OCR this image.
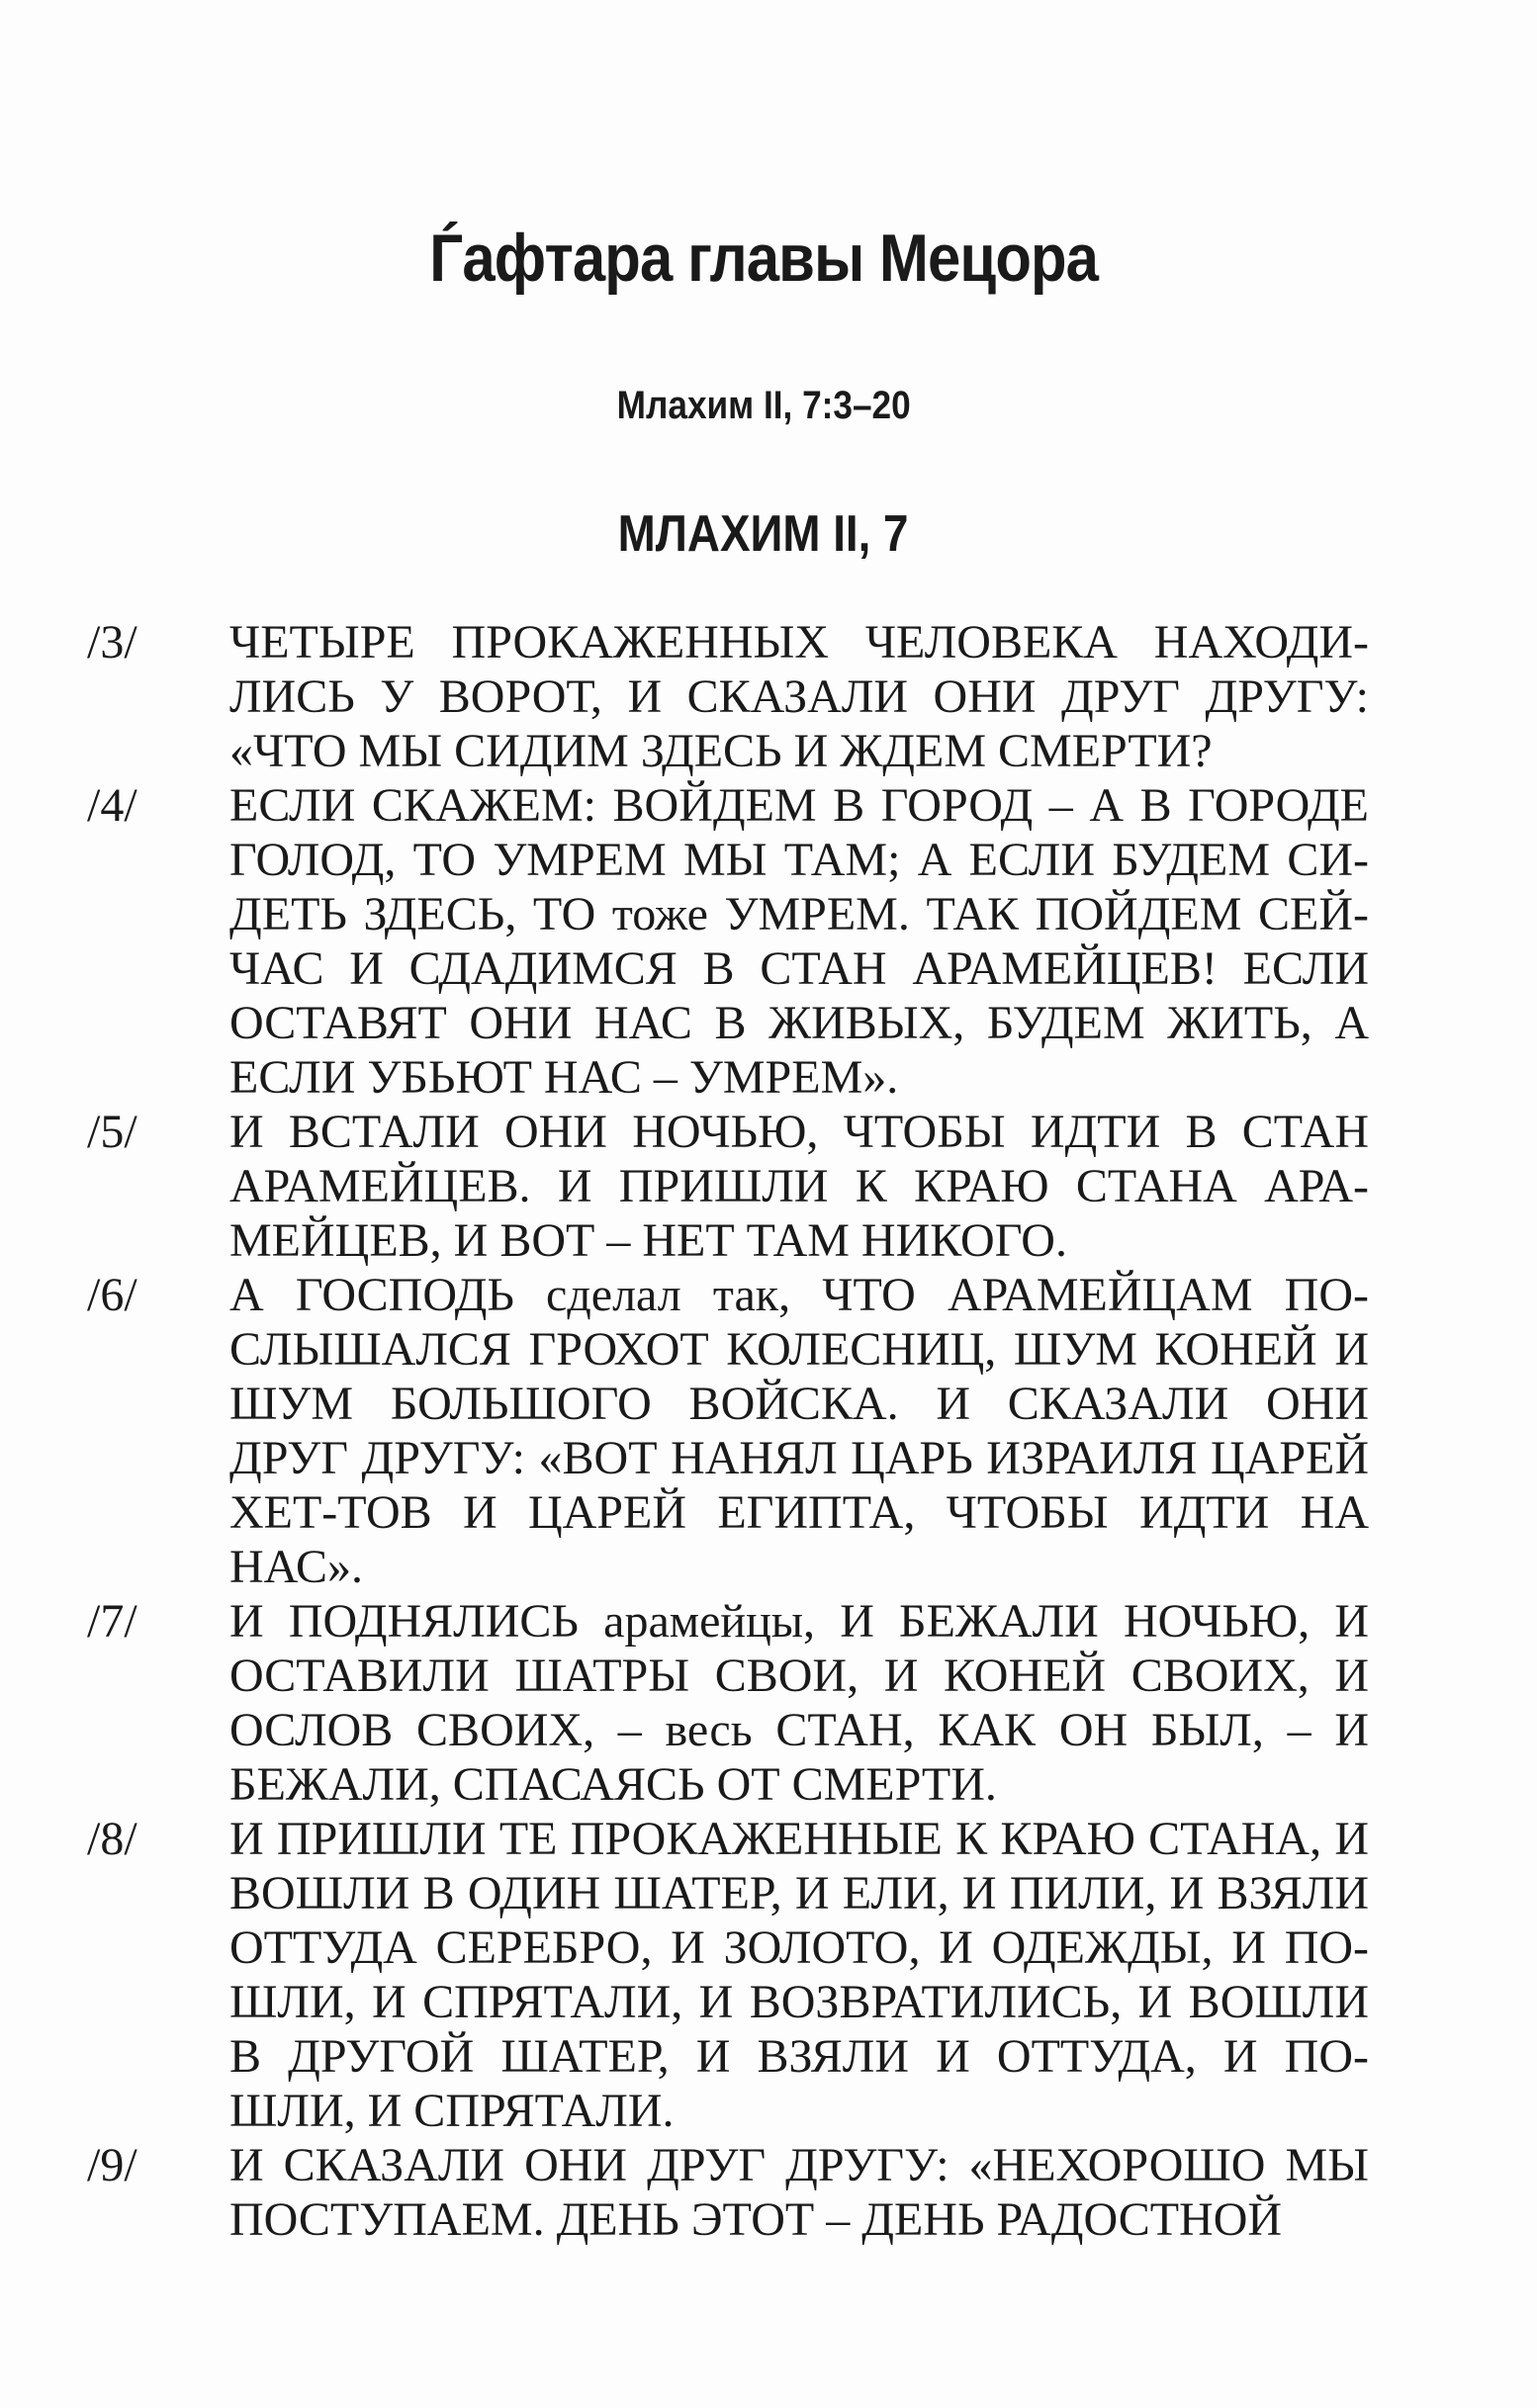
Ѓафтара главы Мецора
Млахим II, 7:3–20
МЛАХИМ II, 7
/3/ ЧЕТЫРЕ ПРОКАЖЕННЫХ ЧЕЛОВЕКА НАХОДИ-ЛИСЬ У ВОРОТ, И СКАЗАЛИ ОНИ ДРУГ ДРУГУ: «ЧТО МЫ СИДИМ ЗДЕСЬ И ЖДЕМ СМЕРТИ?

/4/ ЕСЛИ СКАЖЕМ: ВОЙДЕМ В ГОРОД – А В ГОРОДЕ ГОЛОД, ТО УМРЕМ МЫ ТАМ; А ЕСЛИ БУДЕМ СИ-ДЕТЬ ЗДЕСЬ, ТО тоже УМРЕМ. ТАК ПОЙДЕМ СЕЙ-ЧАС И СДАДИМСЯ В СТАН АРАМЕЙЦЕВ! ЕСЛИ ОСТАВЯТ ОНИ НАС В ЖИВЫХ, БУДЕМ ЖИТЬ, А ЕСЛИ УБЬЮТ НАС – УМРЕМ».

/5/ И ВСТАЛИ ОНИ НОЧЬЮ, ЧТОБЫ ИДТИ В СТАН АРАМЕЙЦЕВ. И ПРИШЛИ К КРАЮ СТАНА АРА-МЕЙЦЕВ, И ВОТ – НЕТ ТАМ НИКОГО.

/6/ А ГОСПОДЬ сделал так, ЧТО АРАМЕЙЦАМ ПО-СЛЫШАЛСЯ ГРОХОТ КОЛЕСНИЦ, ШУМ КОНЕЙ И ШУМ БОЛЬШОГО ВОЙСКА. И СКАЗАЛИ ОНИ ДРУГ ДРУГУ: «ВОТ НАНЯЛ ЦАРЬ ИЗРАИЛЯ ЦАРЕЙ ХЕТ-ТОВ И ЦАРЕЙ ЕГИПТА, ЧТОБЫ ИДТИ НА НАС».

/7/ И ПОДНЯЛИСЬ арамейцы, И БЕЖАЛИ НОЧЬЮ, И ОСТАВИЛИ ШАТРЫ СВОИ, И КОНЕЙ СВОИХ, И ОСЛОВ СВОИХ, – весь СТАН, КАК ОН БЫЛ, – И БЕЖАЛИ, СПАСАЯСЬ ОТ СМЕРТИ.

/8/ И ПРИШЛИ ТЕ ПРОКАЖЕННЫЕ К КРАЮ СТАНА, И ВОШЛИ В ОДИН ШАТЕР, И ЕЛИ, И ПИЛИ, И ВЗЯЛИ ОТТУДА СЕРЕБРО, И ЗОЛОТО, И ОДЕЖДЫ, И ПО-ШЛИ, И СПРЯТАЛИ, И ВОЗВРАТИЛИСЬ, И ВОШЛИ В ДРУГОЙ ШАТЕР, И ВЗЯЛИ И ОТТУДА, И ПО-ШЛИ, И СПРЯТАЛИ.

/9/ И СКАЗАЛИ ОНИ ДРУГ ДРУГУ: «НЕХОРОШО МЫ ПОСТУПАЕМ. ДЕНЬ ЭТОТ – ДЕНЬ РАДОСТНОЙ
